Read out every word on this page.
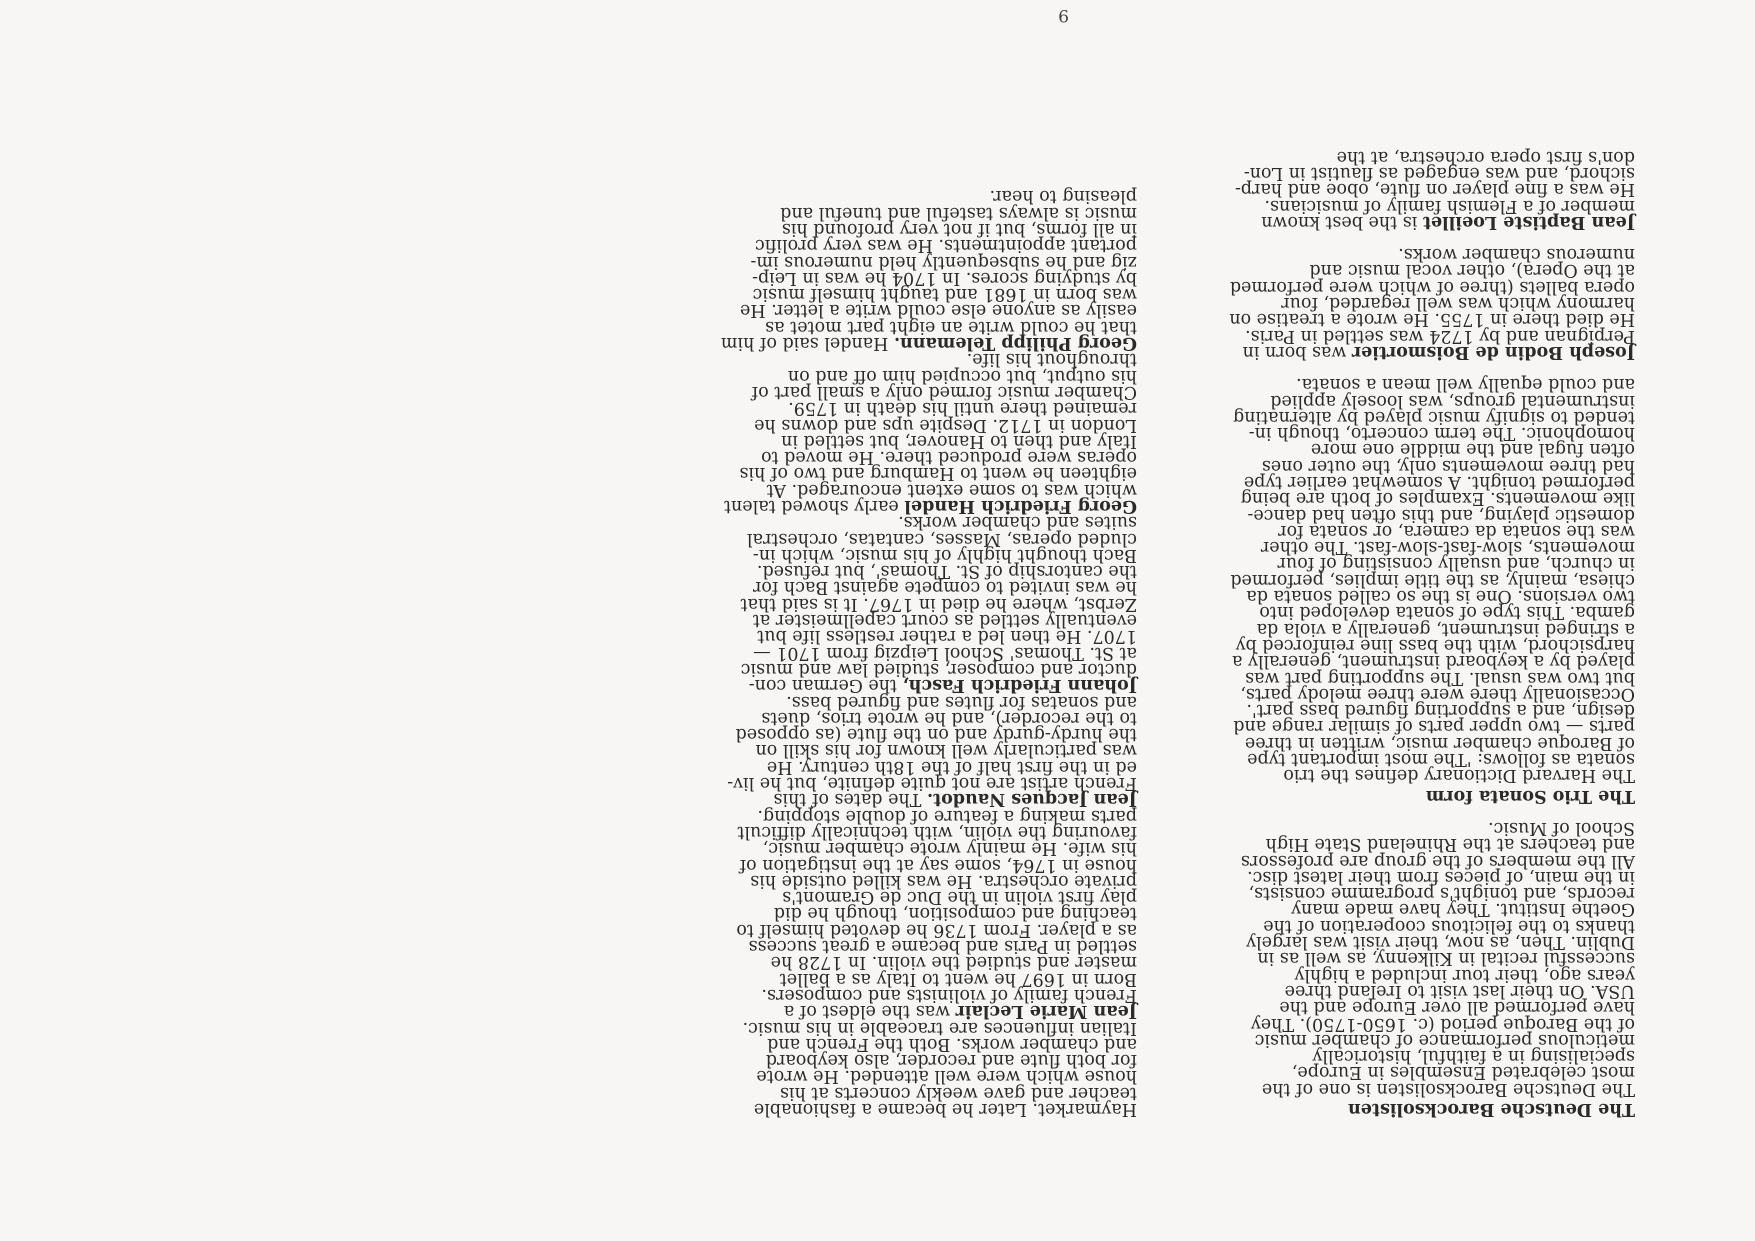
The Deutsche Barocksolisten

The Deutsche Barocksolisten is one of the
most celebrated Ensembles in Europe,
specialising in a faithful, historically
meticulous performance of chamber music
of the Baroque period (c. 1650-1750). They
have performed all over Europe and the
USA. On their last visit to Ireland three
years ago, their tour included a highly
successful recital in Kilkenny, as well as in
Dublin. Then, as now, their visit was largely
thanks to the felicitous cooperation of the
Goethe Institut. They have made many
records, and tonight's programme consists,
in the main, of pieces from their latest disc.
All the members of the group are professors
and teachers at the Rhineland State High
School of Music.

The Trio Sonata form

The Harvard Dictionary defines the trio
sonata as follows: 'The most important type
of Baroque chamber music, written in three
parts — two upper parts of similar range and
design, and a supporting figured bass part'.
Occasionally there were three melody parts,
but two was usual. The supporting part was
played by a keyboard instrument, generally a
harpsichord, with the bass line reinforced by
a stringed instrument, generally a viola da
gamba. This type of sonata developed into
two versions. One is the so called sonata da
chiesa, mainly, as the title implies, performed
in church, and usually consisting of four
movements, slow-fast-slow-fast. The other
was the sonata da camera, or sonata for
domestic playing, and this often had dance-
like movements. Examples of both are being
performed tonight. A somewhat earlier type
had three movements only, the outer ones
often fugal and the middle one more
homophonic. The term concerto, though in-
tended to signify music played by alternating
instrumental groups, was loosely applied
and could equally well mean a sonata.

Joseph Bodin de Boismortier was born in
Perpignan and by 1724 was settled in Paris.
He died there in 1755. He wrote a treatise on
harmony which was well regarded, four
opera ballets (three of which were performed
at the Opera), other vocal music and
numerous chamber works.

Jean Baptiste Loeillet is the best known
member of a Flemish family of musicians.
He was a fine player on flute, oboe and harp-
sichord, and was engaged as flautist in Lon-
don's first opera orchestra, at the

Haymarket. Later he became a fashionable
teacher and gave weekly concerts at his
house which were well attended. He wrote
for both flute and recorder, also keyboard
and chamber works. Both the French and
Italian influences are traceable in his music.

Jean Marie Leclair was the eldest of a
French family of violinists and composers.
Born in 1697 he went to Italy as a ballet
master and studied the violin. In 1728 he
settled in Paris and became a great success
as a player. From 1736 he devoted himself to
teaching and composition, though he did
play first violin in the Duc de Gramont's
private orchestra. He was killed outside his
house in 1764, some say at the instigation of
his wife. He mainly wrote chamber music,
favouring the violin, with technically difficult
parts making a feature of double stopping.

Jean Jacques Naudot. The dates of this
French artist are not quite definite, but he liv-
ed in the first half of the 18th century. He
was particularly well known for his skill on
the hurdy-gurdy and on the flute (as opposed
to the recorder), and he wrote trios, duets
and sonatas for flutes and figured bass.

Johann Friedrich Fasch, the German con-
ductor and composer, studied law and music
at St. Thomas' School Leipzig from 1701 —
1707. He then led a rather restless life but
eventually settled as court capellmeister at
Zerbst, where he died in 1767. It is said that
he was invited to compete against Bach for
the cantorship of St. Thomas', but refused.
Bach thought highly of his music, which in-
cluded operas, Masses, cantatas, orchestral
suites and chamber works.

Georg Friedrich Handel early showed talent
which was to some extent encouraged. At
eighteen he went to Hamburg and two of his
operas were produced there. He moved to
Italy and then to Hanover, but settled in
London in 1712. Despite ups and downs he
remained there until his death in 1759.
Chamber music formed only a small part of
his output, but occupied him off and on
throughout his life.

Georg Philipp Telemann. Handel said of him
that he could write an eight part motet as
easily as anyone else could write a letter. He
was born in 1681 and taught himself music
by studying scores. In 1704 he was in Leip-
zig and he subsequently held numerous im-
portant appointments. He was very prolific
in all forms, but if not very profound his
music is always tasteful and tuneful and
pleasing to hear.

9
